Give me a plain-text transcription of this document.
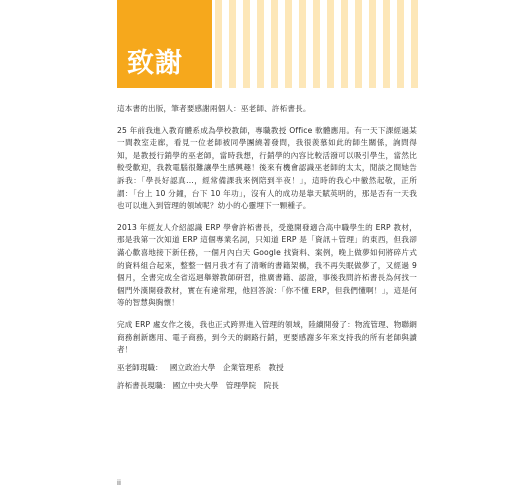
致謝

這本書的出版，筆者要感謝兩個人：巫老師、許柘書長。

25 年前我進入教育體系成為學校教師，專職教授 Office 軟體應用。有一天下課經過某一間教室走廊，看見一位老師被同學團繞著發問，我很羨慕如此的師生關係，詢問得知，是教授行銷學的巫老師，當時我想，行銷學的內容比較活潑可以吸引學生，當然比較受歡迎，我教電腦很難讓學生感興趣！後來有機會認識巫老師的太太，閒談之間她告訴我：「學長好認真...，經常備課我來例陪到半夜！」，這時的我心中徹然起敬，正所謂：「台上 10 分鐘，台下 10 年功」，沒有人的成功是靠天賦英明的，那是否有一天我也可以進入到管理的領域呢？幼小的心靈埋下一顆種子。

2013 年經友人介紹認識 ERP 學會許柘書長，受邀開發適合高中職學生的 ERP 教材，那是我第一次知道 ERP 這個專業名詞，只知道 ERP 是「資訊＋管理」的東西，但我卻滿心歡喜地接下新任務，一個月內白天 Google 找資料、案例，晚上做夢如何將碎片式的資料組合起來，整整一個月我才有了清晰的書籍架構，我不再失眠做夢了，又經過 9 個月，全書完成全省巡迴舉辦教師研習，推廣書籍、認證，事後我問許柘書長為何找一個門外漢開發教材，實在有違常理，他回答說：「你不懂 ERP，但我們懂啊！」，這是何等的智慧與胸懷！

完成 ERP 處女作之後，我也正式跨界進入管理的領域，陸續開發了：物流管理、物聯網商務創新應用、電子商務，到今天的網路行銷，更要感謝多年來支持我的所有老師與讀者！

巫老師現職： 國立政治大學　企業管理系　教授
許柘書長現職： 國立中央大學　管理學院　院長
ii
